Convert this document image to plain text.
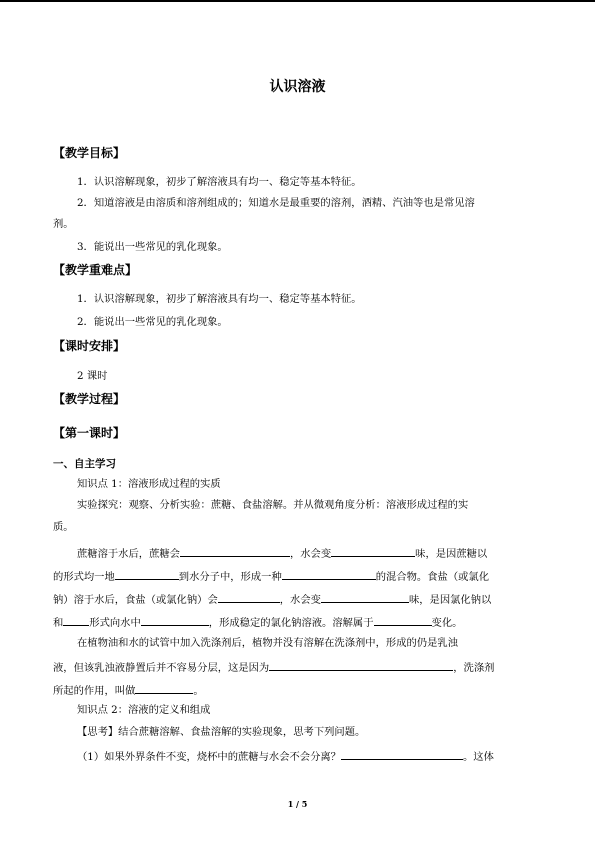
认识溶液
【教学目标】
1．认识溶解现象，初步了解溶液具有均一、稳定等基本特征。
2．知道溶液是由溶质和溶剂组成的；知道水是最重要的溶剂，酒精、汽油等也是常见溶
剂。
3．能说出一些常见的乳化现象。
【教学重难点】
1．认识溶解现象，初步了解溶液具有均一、稳定等基本特征。
2．能说出一些常见的乳化现象。
【课时安排】
2 课时
【教学过程】
【第一课时】
一、自主学习
知识点 1：溶液形成过程的实质
实验探究：观察、分析实验：蔗糖、食盐溶解。并从微观角度分析：溶液形成过程的实
质。
蔗糖溶于水后，蔗糖会	，水会变	味，是因蔗糖以
的形式均一地	到水分子中，形成一种	的混合物。食盐（或氯化
钠）溶于水后，食盐（或氯化钠）会	，水会变	味，是因氯化钠以
和	形式向水中	，形成稳定的氯化钠溶液。溶解属于	变化。
在植物油和水的试管中加入洗涤剂后，植物并没有溶解在洗涤剂中，形成的仍是乳浊
液，但该乳浊液静置后并不容易分层，这是因为	，洗涤剂
所起的作用，叫做	。
知识点 2：溶液的定义和组成
【思考】结合蔗糖溶解、食盐溶解的实验现象，思考下列问题。
（1）如果外界条件不变，烧杯中的蔗糖与水会不会分离？	。这体
1 / 5
